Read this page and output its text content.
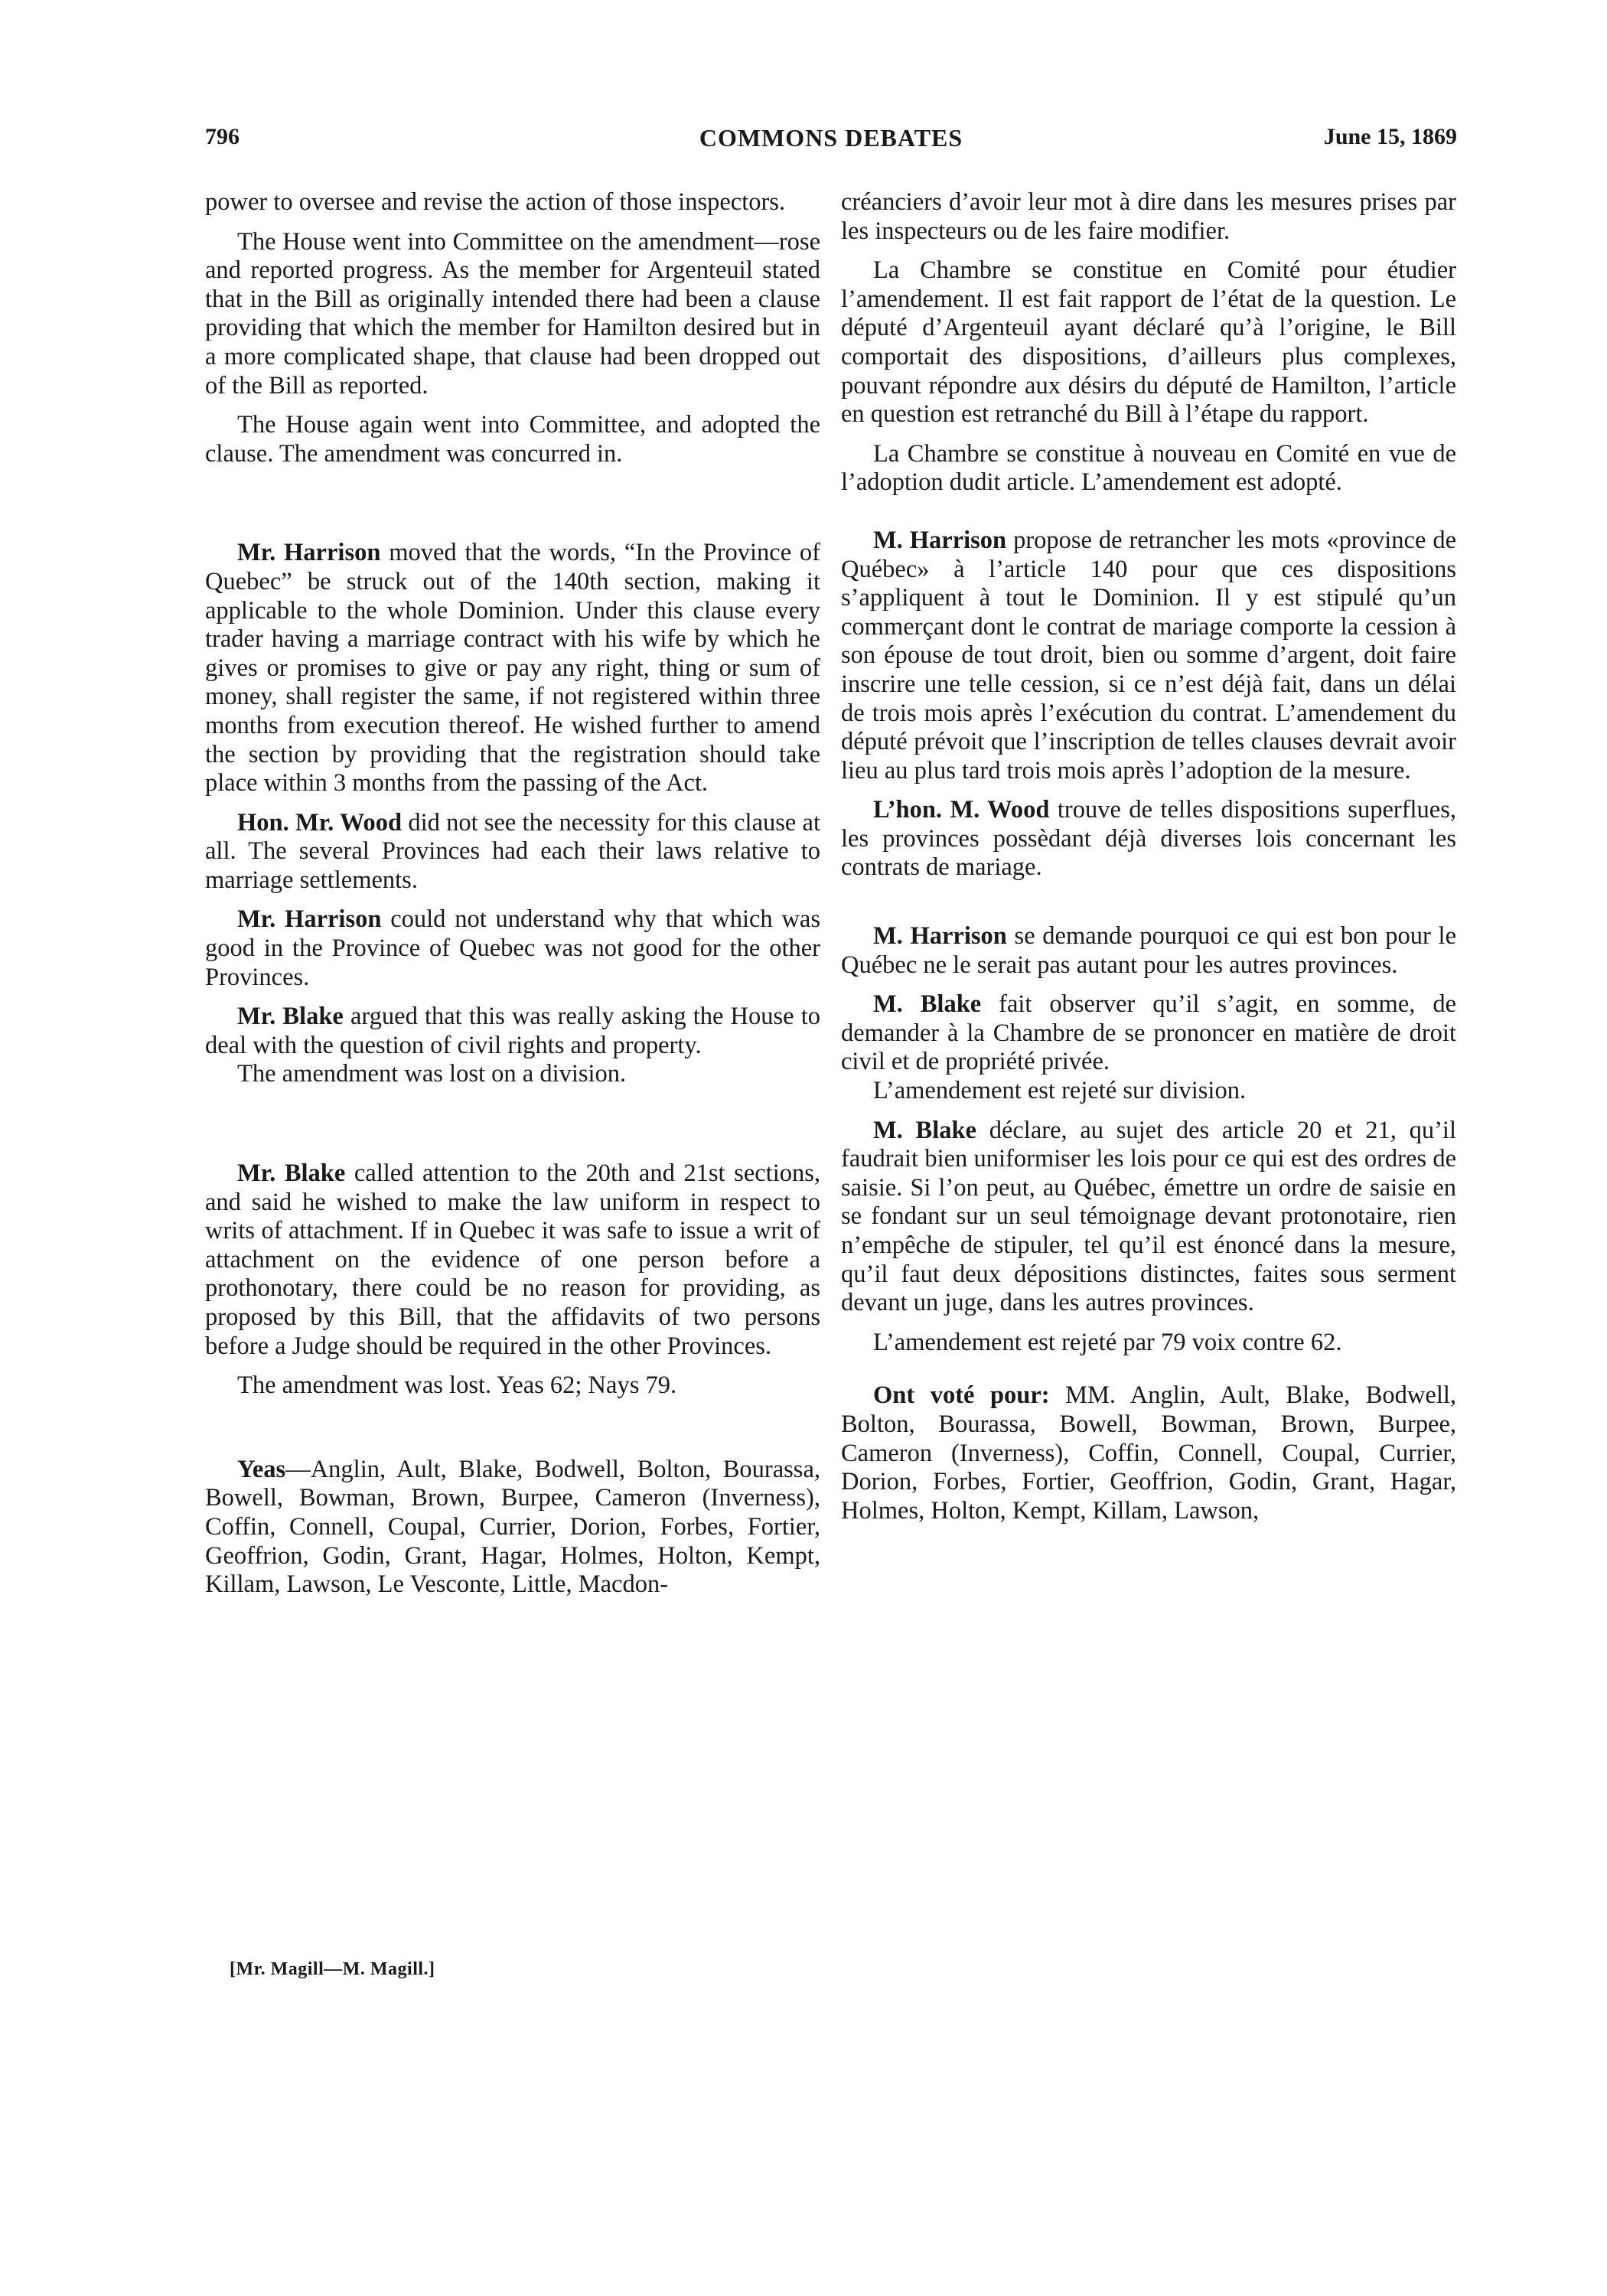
796	COMMONS DEBATES	June 15, 1869

power to oversee and revise the action of those inspectors.

The House went into Committee on the amendment—rose and reported progress. As the member for Argenteuil stated that in the Bill as originally intended there had been a clause providing that which the member for Hamilton desired but in a more complicated shape, that clause had been dropped out of the Bill as reported.

The House again went into Committee, and adopted the clause. The amendment was concurred in.

Mr. Harrison moved that the words, “In the Province of Quebec” be struck out of the 140th section, making it applicable to the whole Dominion. Under this clause every trader having a marriage contract with his wife by which he gives or promises to give or pay any right, thing or sum of money, shall register the same, if not registered within three months from execution thereof. He wished further to amend the section by providing that the registration should take place within 3 months from the passing of the Act.

Hon. Mr. Wood did not see the necessity for this clause at all. The several Provinces had each their laws relative to marriage settlements.

Mr. Harrison could not understand why that which was good in the Province of Quebec was not good for the other Provinces.

Mr. Blake argued that this was really asking the House to deal with the question of civil rights and property.

The amendment was lost on a division.

Mr. Blake called attention to the 20th and 21st sections, and said he wished to make the law uniform in respect to writs of attachment. If in Quebec it was safe to issue a writ of attachment on the evidence of one person before a prothonotary, there could be no reason for providing, as proposed by this Bill, that the affidavits of two persons before a Judge should be required in the other Provinces.

The amendment was lost. Yeas 62; Nays 79.

Yeas—Anglin, Ault, Blake, Bodwell, Bolton, Bourassa, Bowell, Bowman, Brown, Burpee, Cameron (Inverness), Coffin, Connell, Coupal, Currier, Dorion, Forbes, Fortier, Geoffrion, Godin, Grant, Hagar, Holmes, Holton, Kempt, Killam, Lawson, Le Vesconte, Little, Macdon-

créanciers d’avoir leur mot à dire dans les mesures prises par les inspecteurs ou de les faire modifier.

La Chambre se constitue en Comité pour étudier l’amendement. Il est fait rapport de l’état de la question. Le député d’Argenteuil ayant déclaré qu’à l’origine, le Bill comportait des dispositions, d’ailleurs plus complexes, pouvant répondre aux désirs du député de Hamilton, l’article en question est retranché du Bill à l’étape du rapport.

La Chambre se constitue à nouveau en Comité en vue de l’adoption dudit article. L’amendement est adopté.

M. Harrison propose de retrancher les mots «province de Québec» à l’article 140 pour que ces dispositions s’appliquent à tout le Dominion. Il y est stipulé qu’un commerçant dont le contrat de mariage comporte la cession à son épouse de tout droit, bien ou somme d’argent, doit faire inscrire une telle cession, si ce n’est déjà fait, dans un délai de trois mois après l’exécution du contrat. L’amendement du député prévoit que l’inscription de telles clauses devrait avoir lieu au plus tard trois mois après l’adoption de la mesure.

L’hon. M. Wood trouve de telles dispositions superflues, les provinces possèdant déjà diverses lois concernant les contrats de mariage.

M. Harrison se demande pourquoi ce qui est bon pour le Québec ne le serait pas autant pour les autres provinces.

M. Blake fait observer qu’il s’agit, en somme, de demander à la Chambre de se prononcer en matière de droit civil et de propriété privée.

L’amendement est rejeté sur division.

M. Blake déclare, au sujet des article 20 et 21, qu’il faudrait bien uniformiser les lois pour ce qui est des ordres de saisie. Si l’on peut, au Québec, émettre un ordre de saisie en se fondant sur un seul témoignage devant protonotaire, rien n’empêche de stipuler, tel qu’il est énoncé dans la mesure, qu’il faut deux dépositions distinctes, faites sous serment devant un juge, dans les autres provinces.

L’amendement est rejeté par 79 voix contre 62.

Ont voté pour: MM. Anglin, Ault, Blake, Bodwell, Bolton, Bourassa, Bowell, Bowman, Brown, Burpee, Cameron (Inverness), Coffin, Connell, Coupal, Currier, Dorion, Forbes, Fortier, Geoffrion, Godin, Grant, Hagar, Holmes, Holton, Kempt, Killam, Lawson,

[Mr. Magill—M. Magill.]
